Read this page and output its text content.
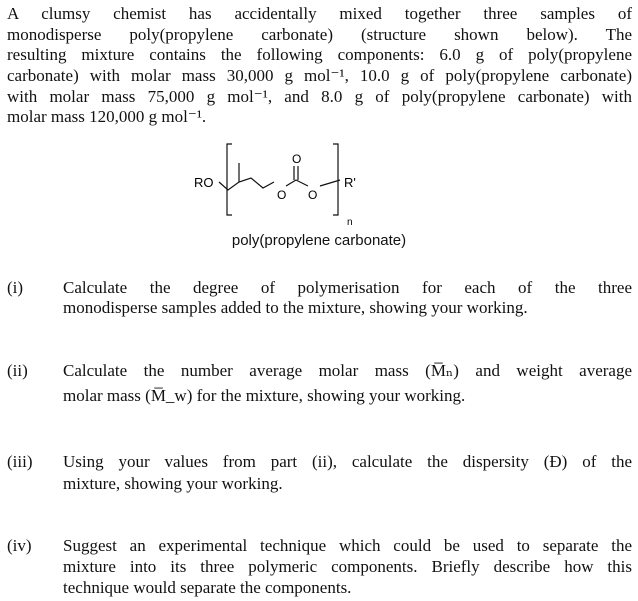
A clumsy chemist has accidentally mixed together three samples of
monodisperse poly(propylene carbonate) (structure shown below). The
resulting mixture contains the following components: 6.0 g of poly(propylene
carbonate) with molar mass 30,000 g mol⁻¹, 10.0 g of poly(propylene carbonate)
with molar mass 75,000 g mol⁻¹, and 8.0 g of poly(propylene carbonate) with
molar mass 120,000 g mol⁻¹.
RO	R'
O
O O
n
poly(propylene carbonate)
(i) Calculate the degree of polymerisation for each of the three
monodisperse samples added to the mixture, showing your working.
(ii) Calculate the number average molar mass (M̅ₙ) and weight average
molar mass (M̅_w) for the mixture, showing your working.
(iii) Using your values from part (ii), calculate the dispersity (Đ) of the
mixture, showing your working.
(iv) Suggest an experimental technique which could be used to separate the
mixture into its three polymeric components. Briefly describe how this
technique would separate the components.
